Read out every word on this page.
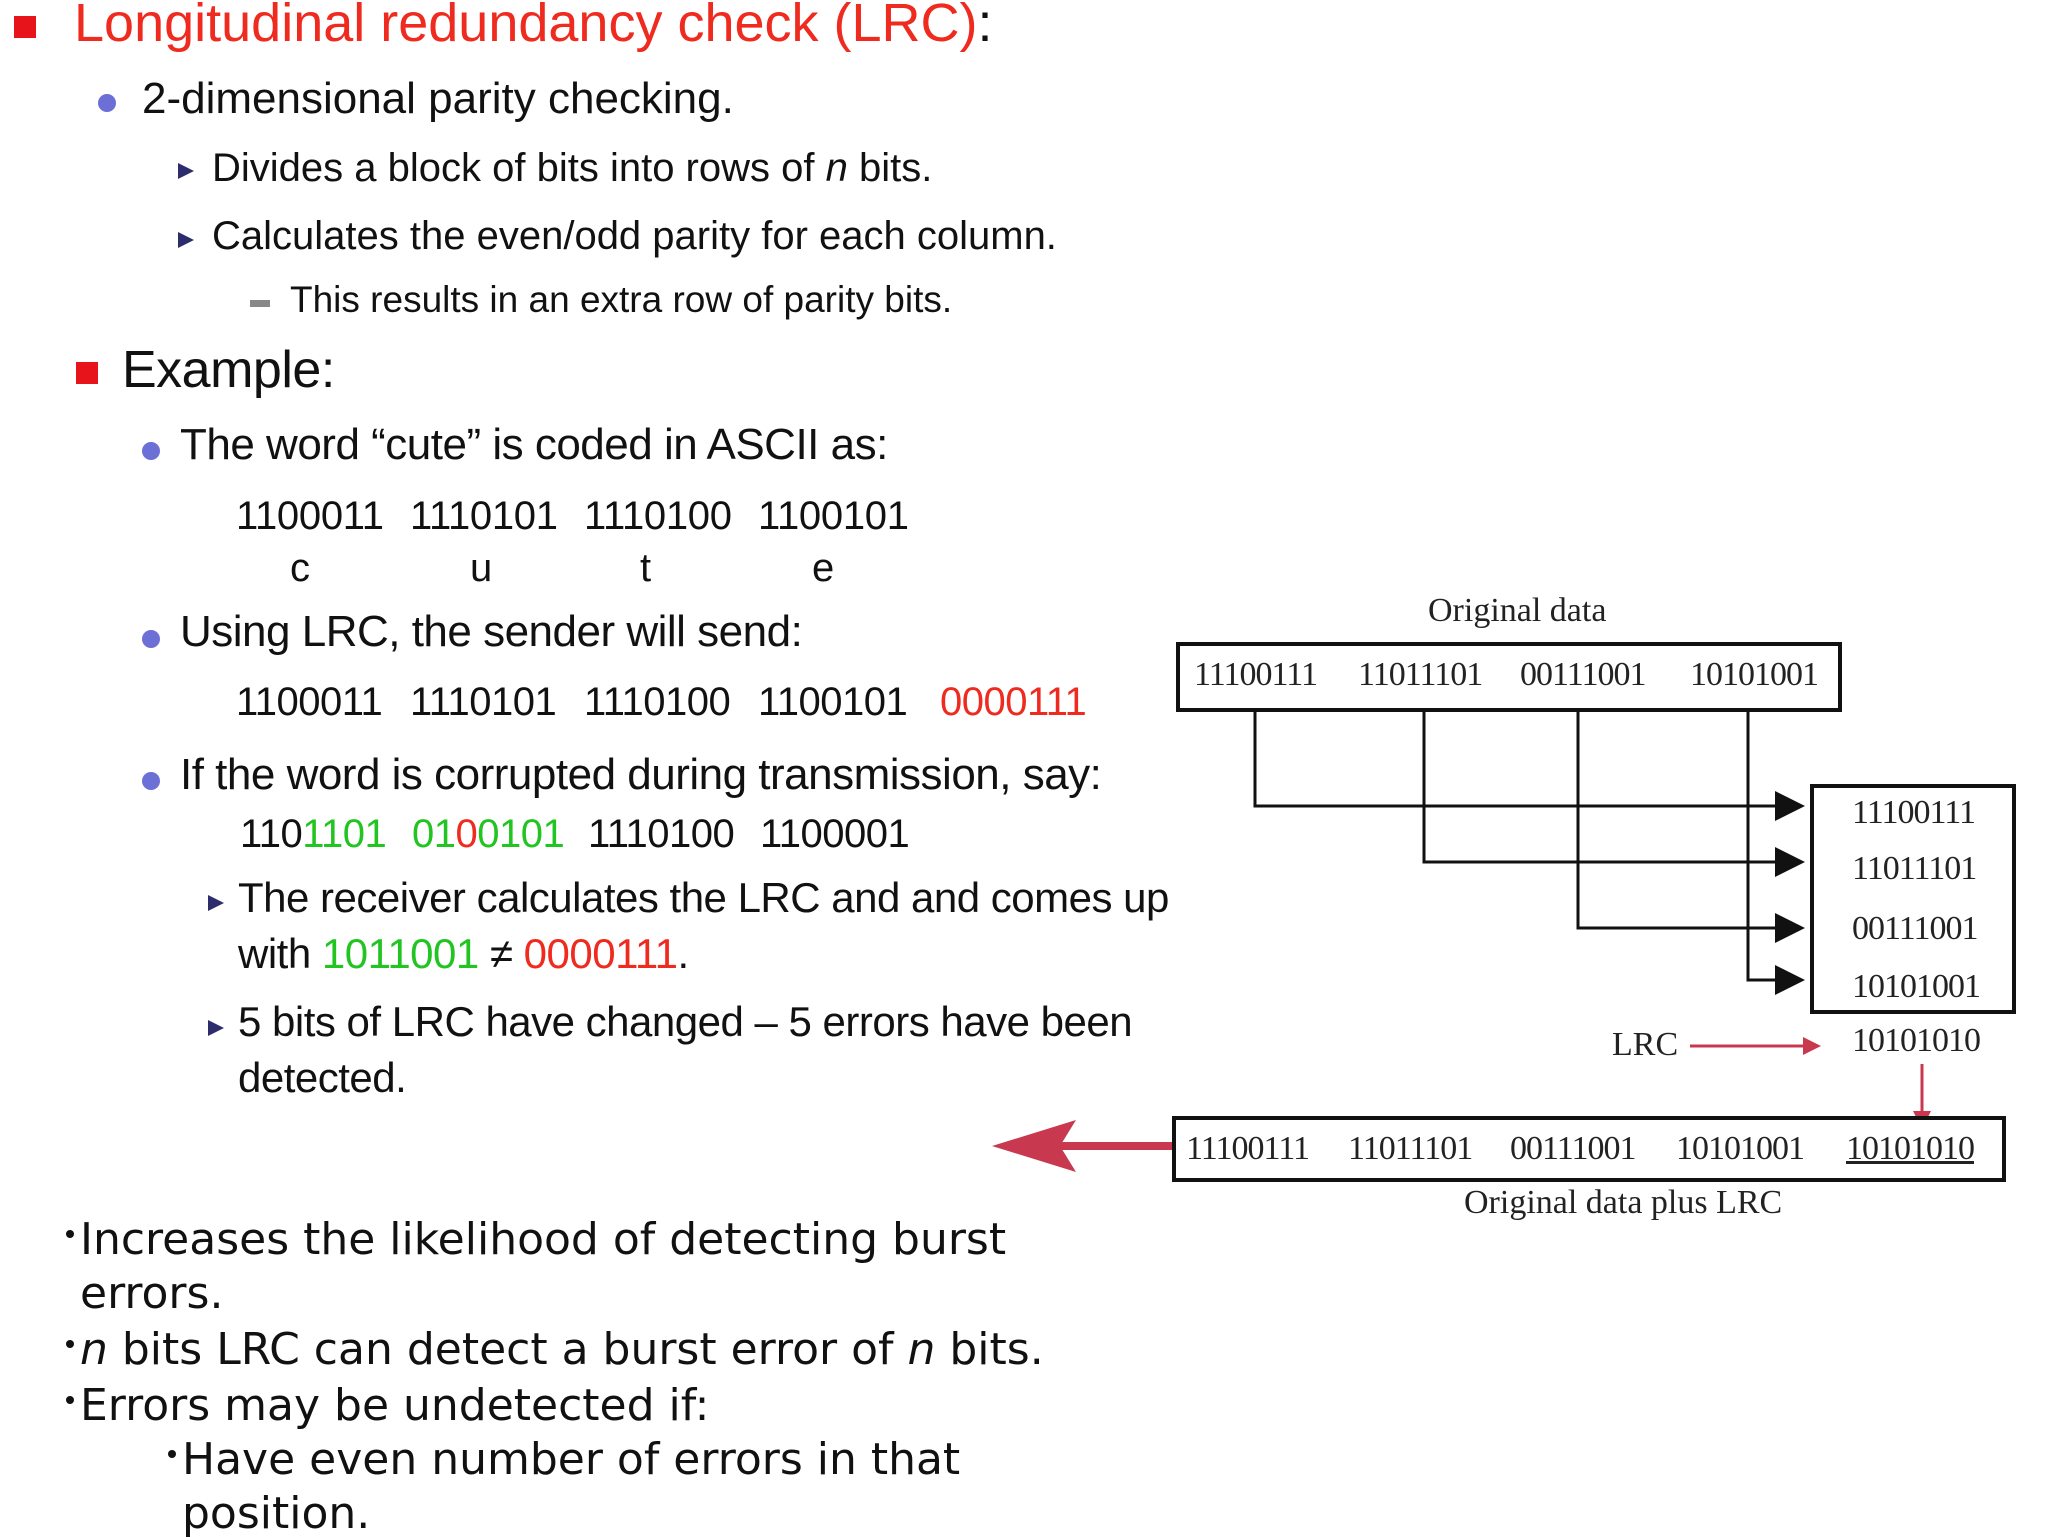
Longitudinal redundancy check (LRC):
2-dimensional parity checking.
Divides a block of bits into rows of n bits.
Calculates the even/odd parity for each column.
This results in an extra row of parity bits.
Example:
The word “cute” is coded in ASCII as:
1100011 1110101 1110100 1100101
c	u	t	e
Using LRC, the sender will send:
1100011 1110101 1110100 1100101 0000111
If the word is corrupted during transmission, say:
1101101 0100101 1110100 1100001
The receiver calculates the LRC and and comes up
with 1011001 ≠ 0000111.
5 bits of LRC have changed – 5 errors have been
detected.
Original data
11100111 11011101 00111001 10101001
11100111
11011101
00111001
10101001
LRC	10101010
11100111 11011101 00111001 10101001 10101010
Original data plus LRC
Increases the likelihood of detecting burst
errors.
n bits LRC can detect a burst error of n bits.
Errors may be undetected if:
Have even number of errors in that
position.
